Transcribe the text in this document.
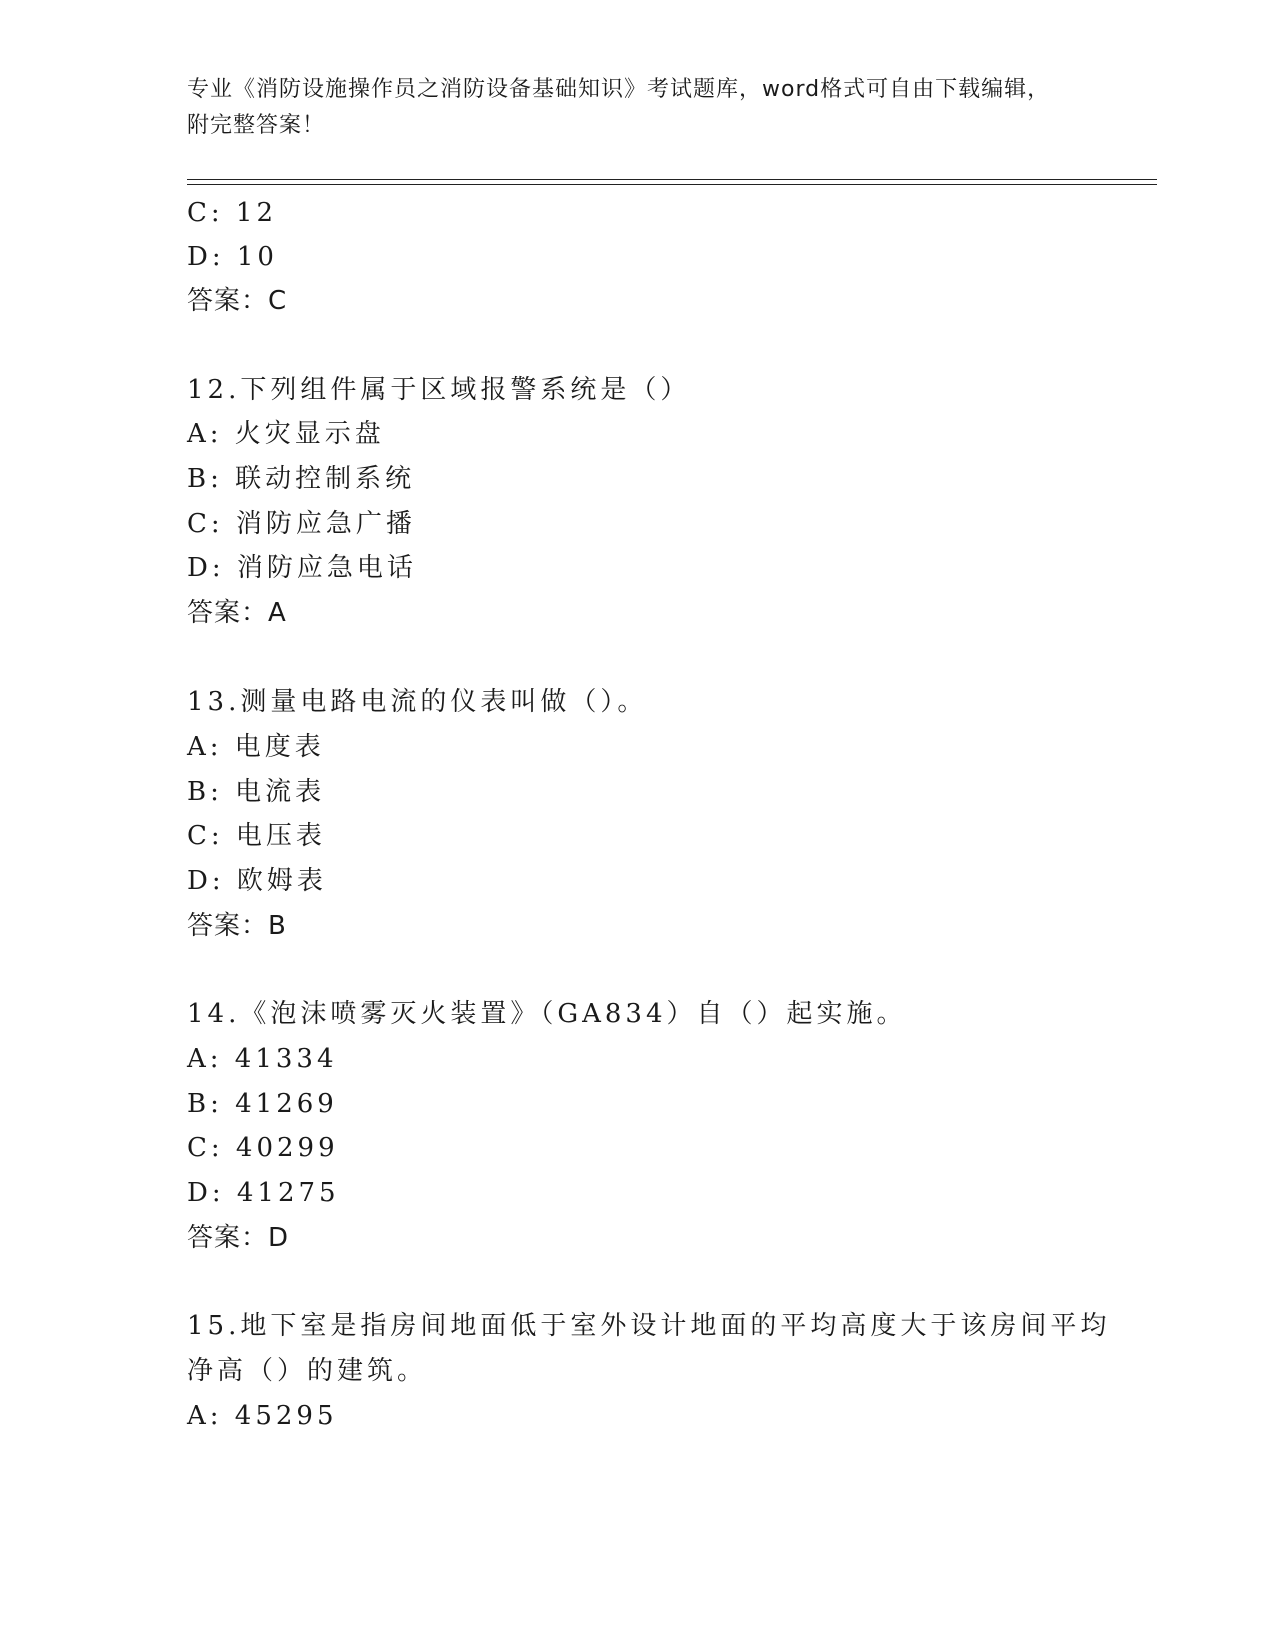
专业《消防设施操作员之消防设备基础知识》考试题库，word格式可自由下载编辑，附完整答案！
C: 12
D: 10
答案：C
12.下列组件属于区域报警系统是（）
A: 火灾显示盘
B: 联动控制系统
C: 消防应急广播
D: 消防应急电话
答案：A
13.测量电路电流的仪表叫做（）。
A: 电度表
B: 电流表
C: 电压表
D: 欧姆表
答案：B
14.《泡沫喷雾灭火装置》（GA834）自（）起实施。
A: 41334
B: 41269
C: 40299
D: 41275
答案：D
15.地下室是指房间地面低于室外设计地面的平均高度大于该房间平均
净高（）的建筑。
A: 45295
